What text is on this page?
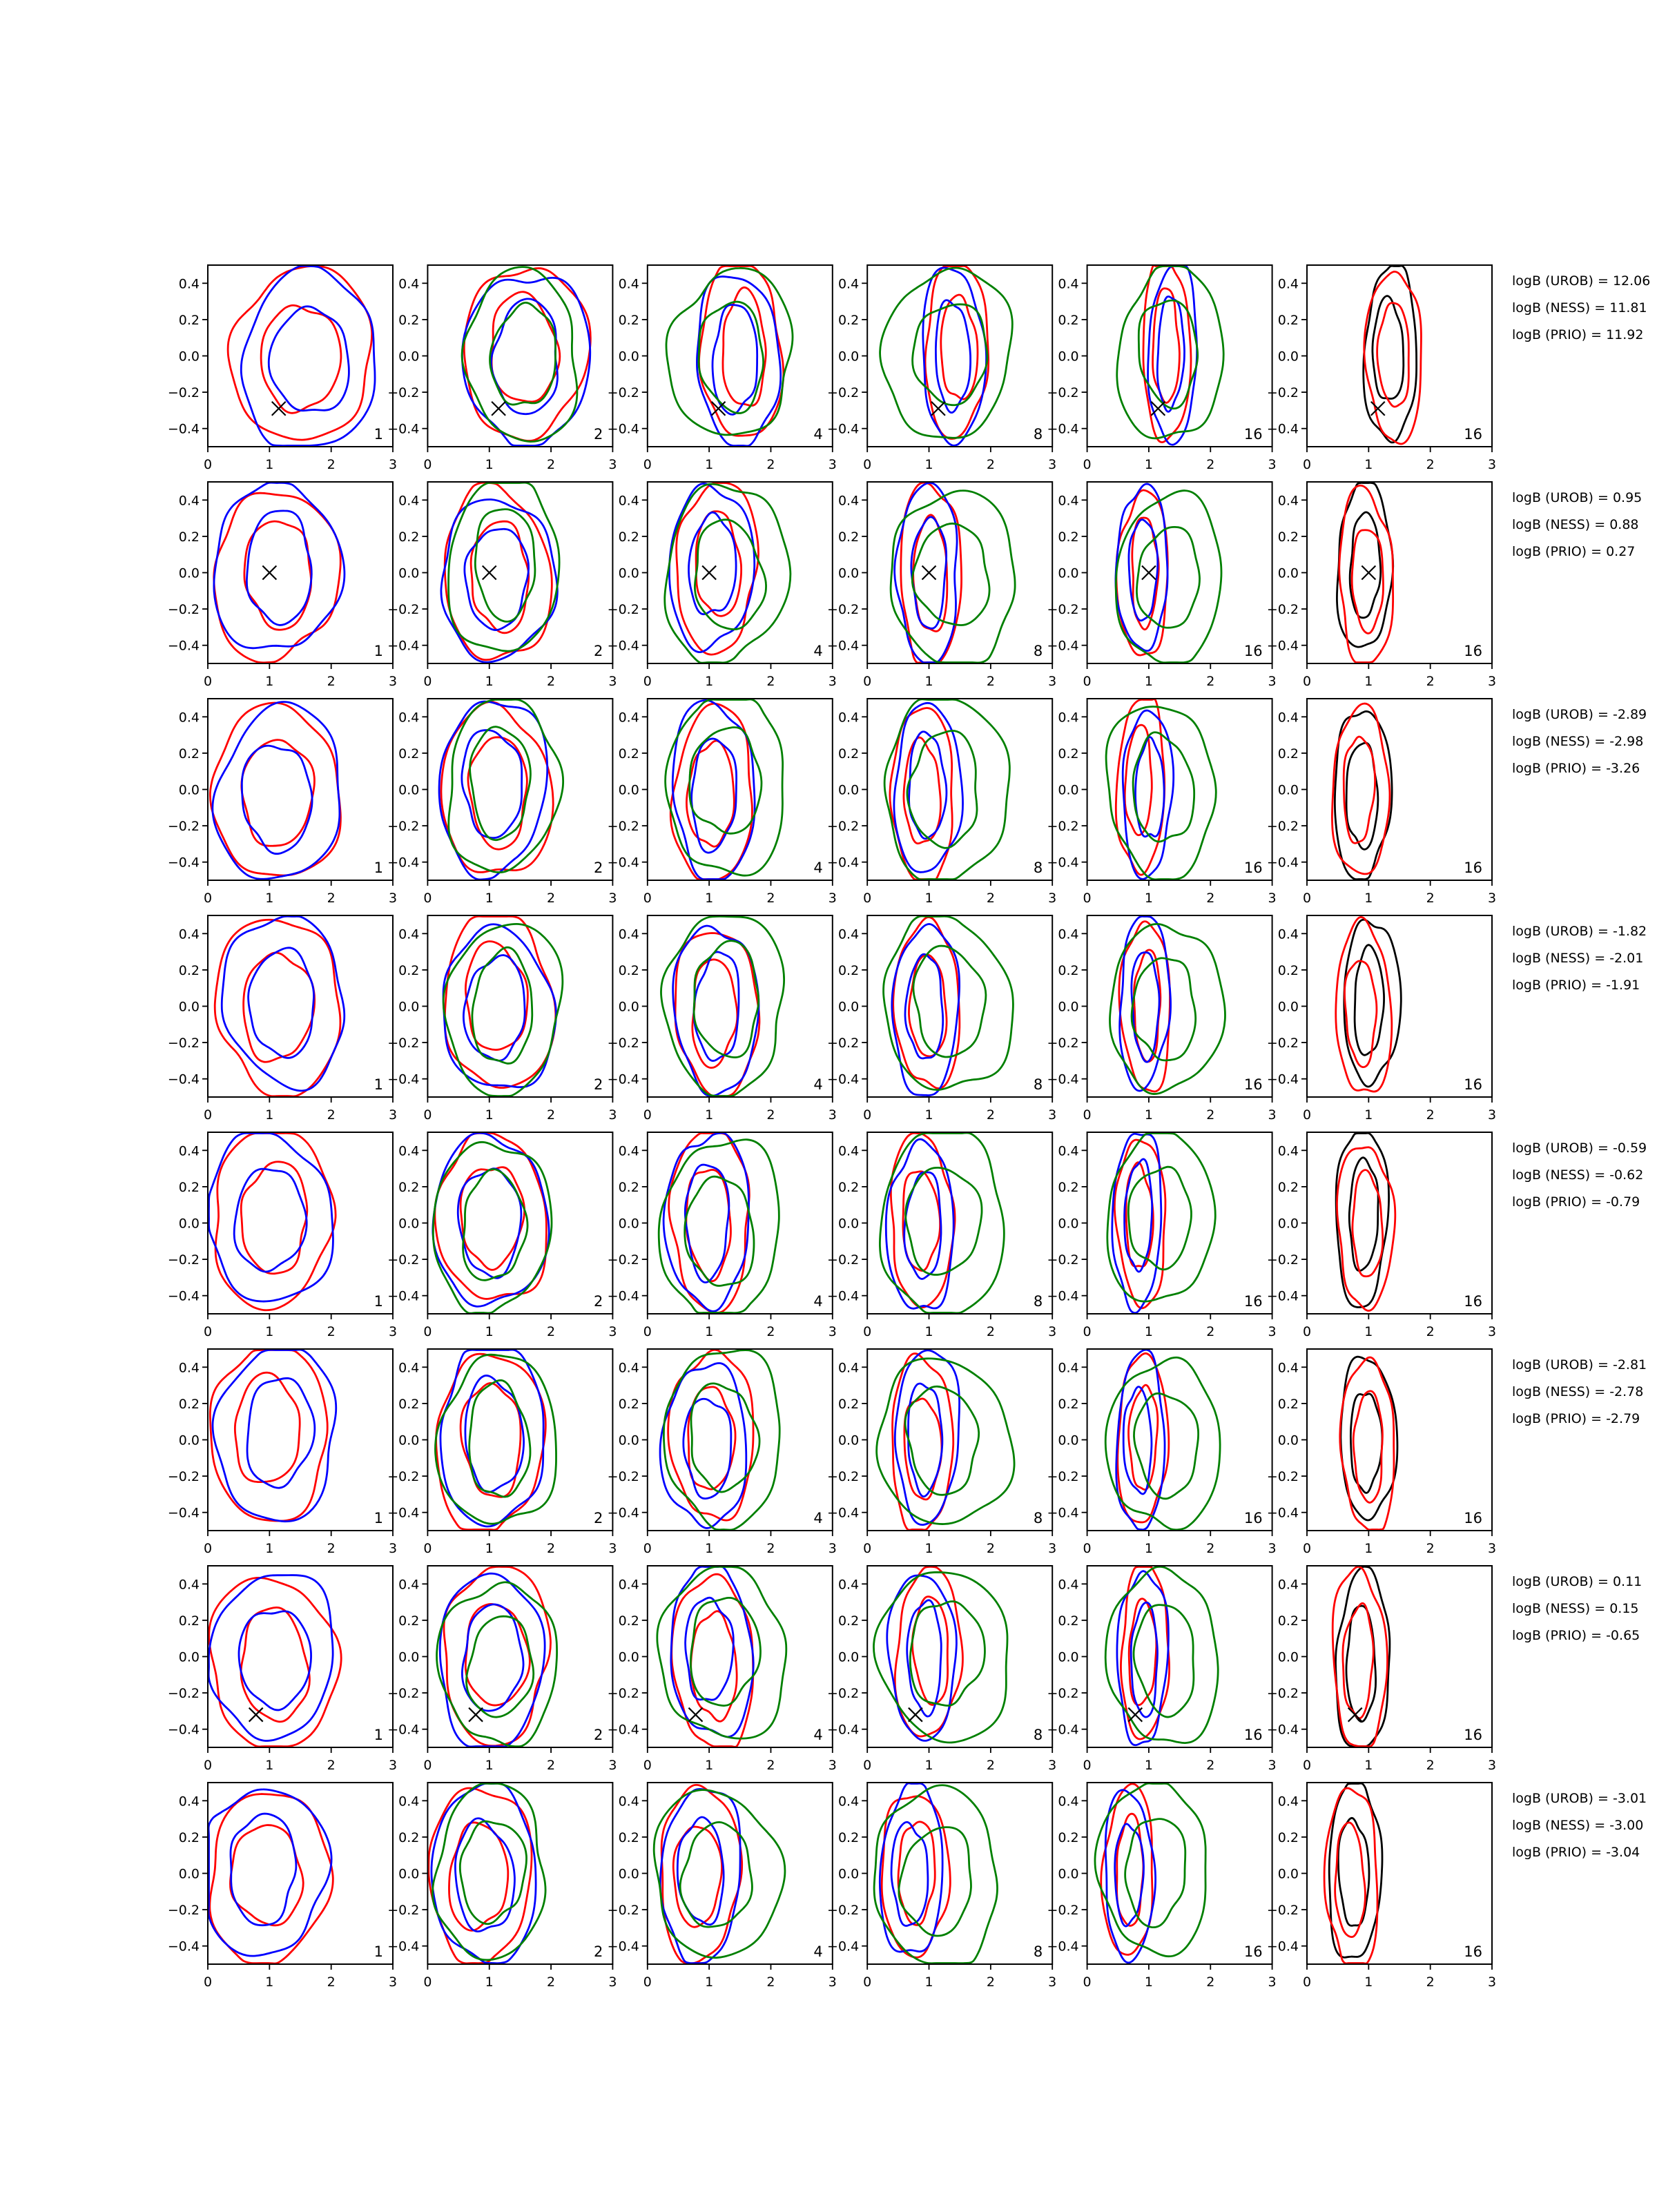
0	1	2	3
0.4
0.2
0.0
−0.2
−0.4	1
0	1	2	3
0.4
0.2
0.0
−0.2
−0.4	2
0	1	2	3
0.4
0.2
0.0
−0.2
−0.4	4
0	1	2	3
0.4
0.2
0.0
−0.2
−0.4	8
0	1	2	3
0.4
0.2
0.0
−0.2
−0.4	16
0	1	2	3
0.4
0.2
0.0
−0.2
−0.4	16
logB (UROB) = 12.06
logB (NESS) = 11.81
logB (PRIO) = 11.92
0	1	2	3
0.4
0.2
0.0
−0.2
−0.4	1
0	1	2	3
0.4
0.2
0.0
−0.2
−0.4	2
0	1	2	3
0.4
0.2
0.0
−0.2
−0.4	4
0	1	2	3
0.4
0.2
0.0
−0.2
−0.4	8
0	1	2	3
0.4
0.2
0.0
−0.2
−0.4	16
0	1	2	3
0.4
0.2
0.0
−0.2
−0.4	16
logB (UROB) = 0.95
logB (NESS) = 0.88
logB (PRIO) = 0.27
0	1	2	3
0.4
0.2
0.0
−0.2
−0.4	1
0	1	2	3
0.4
0.2
0.0
−0.2
−0.4	2
0	1	2	3
0.4
0.2
0.0
−0.2
−0.4	4
0	1	2	3
0.4
0.2
0.0
−0.2
−0.4	8
0	1	2	3
0.4
0.2
0.0
−0.2
−0.4	16
0	1	2	3
0.4
0.2
0.0
−0.2
−0.4	16
logB (UROB) = -2.89
logB (NESS) = -2.98
logB (PRIO) = -3.26
0	1	2	3
0.4
0.2
0.0
−0.2
−0.4	1
0	1	2	3
0.4
0.2
0.0
−0.2
−0.4	2
0	1	2	3
0.4
0.2
0.0
−0.2
−0.4	4
0	1	2	3
0.4
0.2
0.0
−0.2
−0.4	8
0	1	2	3
0.4
0.2
0.0
−0.2
−0.4	16
0	1	2	3
0.4
0.2
0.0
−0.2
−0.4	16
logB (UROB) = -1.82
logB (NESS) = -2.01
logB (PRIO) = -1.91
0	1	2	3
0.4
0.2
0.0
−0.2
−0.4	1
0	1	2	3
0.4
0.2
0.0
−0.2
−0.4	2
0	1	2	3
0.4
0.2
0.0
−0.2
−0.4	4
0	1	2	3
0.4
0.2
0.0
−0.2
−0.4	8
0	1	2	3
0.4
0.2
0.0
−0.2
−0.4	16
0	1	2	3
0.4
0.2
0.0
−0.2
−0.4	16
logB (UROB) = -0.59
logB (NESS) = -0.62
logB (PRIO) = -0.79
0	1	2	3
0.4
0.2
0.0
−0.2
−0.4	1
0	1	2	3
0.4
0.2
0.0
−0.2
−0.4	2
0	1	2	3
0.4
0.2
0.0
−0.2
−0.4	4
0	1	2	3
0.4
0.2
0.0
−0.2
−0.4	8
0	1	2	3
0.4
0.2
0.0
−0.2
−0.4	16
0	1	2	3
0.4
0.2
0.0
−0.2
−0.4	16
logB (UROB) = -2.81
logB (NESS) = -2.78
logB (PRIO) = -2.79
0	1	2	3
0.4
0.2
0.0
−0.2
−0.4	1
0	1	2	3
0.4
0.2
0.0
−0.2
−0.4	2
0	1	2	3
0.4
0.2
0.0
−0.2
−0.4	4
0	1	2	3
0.4
0.2
0.0
−0.2
−0.4	8
0	1	2	3
0.4
0.2
0.0
−0.2
−0.4	16
0	1	2	3
0.4
0.2
0.0
−0.2
−0.4	16
logB (UROB) = 0.11
logB (NESS) = 0.15
logB (PRIO) = -0.65
0	1	2	3
0.4
0.2
0.0
−0.2
−0.4	1
0	1	2	3
0.4
0.2
0.0
−0.2
−0.4	2
0	1	2	3
0.4
0.2
0.0
−0.2
−0.4	4
0	1	2	3
0.4
0.2
0.0
−0.2
−0.4	8
0	1	2	3
0.4
0.2
0.0
−0.2
−0.4	16
0	1	2	3
0.4
0.2
0.0
−0.2
−0.4	16
logB (UROB) = -3.01
logB (NESS) = -3.00
logB (PRIO) = -3.04
